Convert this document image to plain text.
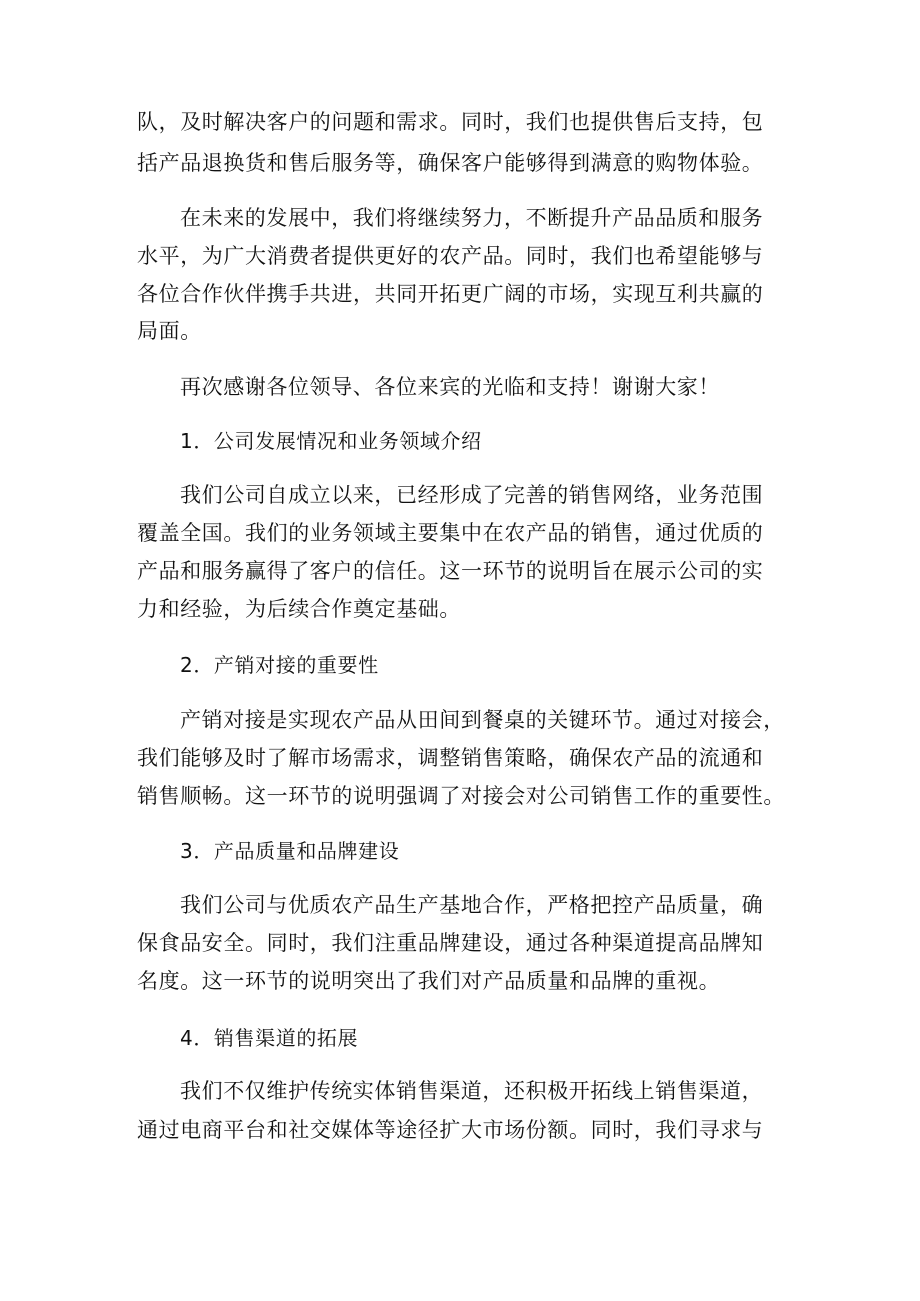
队，及时解决客户的问题和需求。同时，我们也提供售后支持，包
括产品退换货和售后服务等，确保客户能够得到满意的购物体验。
在未来的发展中，我们将继续努力，不断提升产品品质和服务
水平，为广大消费者提供更好的农产品。同时，我们也希望能够与
各位合作伙伴携手共进，共同开拓更广阔的市场，实现互利共赢的
局面。
再次感谢各位领导、各位来宾的光临和支持！谢谢大家！
1．公司发展情况和业务领域介绍
我们公司自成立以来，已经形成了完善的销售网络，业务范围
覆盖全国。我们的业务领域主要集中在农产品的销售，通过优质的
产品和服务赢得了客户的信任。这一环节的说明旨在展示公司的实
力和经验，为后续合作奠定基础。
2．产销对接的重要性
产销对接是实现农产品从田间到餐桌的关键环节。通过对接会，
我们能够及时了解市场需求，调整销售策略，确保农产品的流通和
销售顺畅。这一环节的说明强调了对接会对公司销售工作的重要性。
3．产品质量和品牌建设
我们公司与优质农产品生产基地合作，严格把控产品质量，确
保食品安全。同时，我们注重品牌建设，通过各种渠道提高品牌知
名度。这一环节的说明突出了我们对产品质量和品牌的重视。
4．销售渠道的拓展
我们不仅维护传统实体销售渠道，还积极开拓线上销售渠道，
通过电商平台和社交媒体等途径扩大市场份额。同时，我们寻求与
